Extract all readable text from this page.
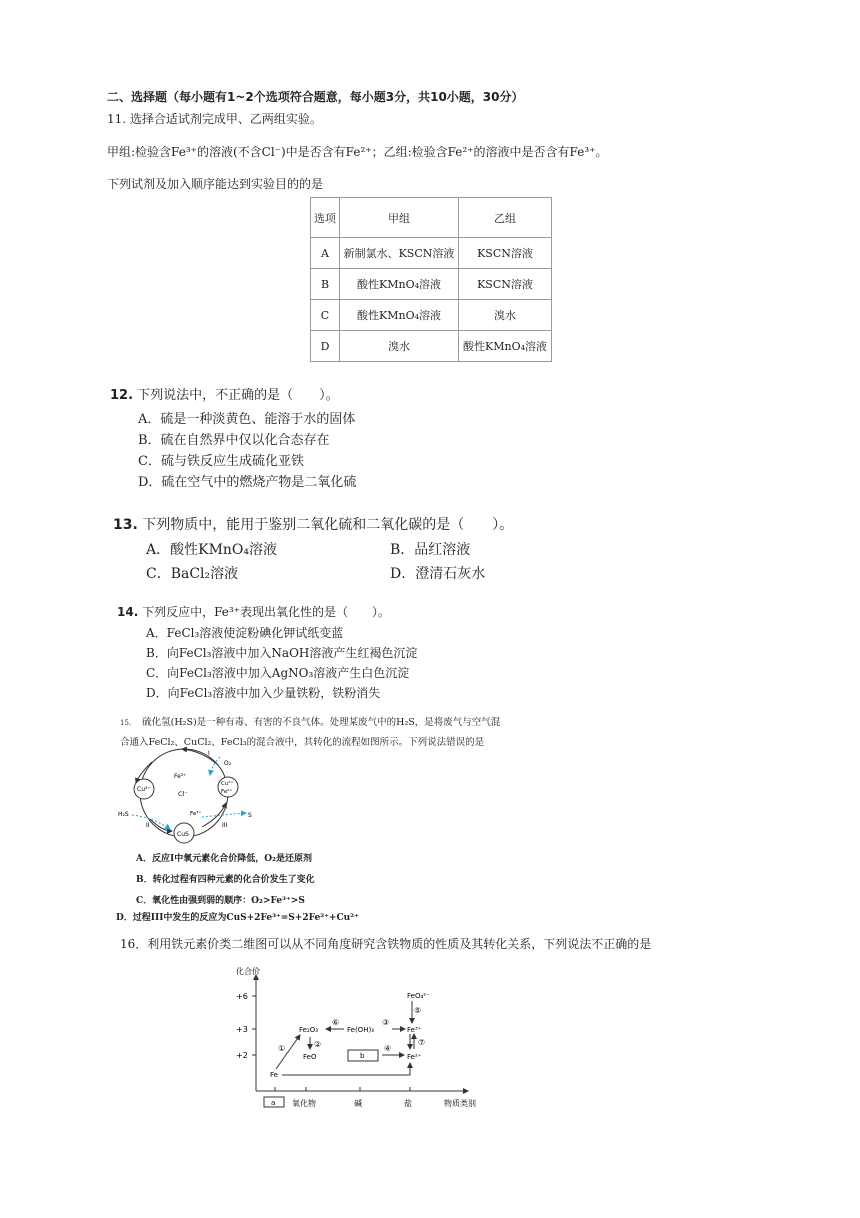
二、选择题（每小题有1~2个选项符合题意，每小题3分，共10小题，30分）
11. 选择合适试剂完成甲、乙两组实验。
甲组:检验含Fe³⁺的溶液(不含Cl⁻)中是否含有Fe²⁺；乙组:检验含Fe²⁺的溶液中是否含有Fe³⁺。
下列试剂及加入顺序能达到实验目的的是
选项	甲组	乙组
A	新制氯水、KSCN溶液	KSCN溶液
B	酸性KMnO₄溶液	KSCN溶液
C	酸性KMnO₄溶液	溴水
D	溴水	酸性KMnO₄溶液
12. 下列说法中，不正确的是（　　）。
A．硫是一种淡黄色、能溶于水的固体
B．硫在自然界中仅以化合态存在
C．硫与铁反应生成硫化亚铁
D．硫在空气中的燃烧产物是二氧化硫
13. 下列物质中，能用于鉴别二氧化硫和二氧化碳的是（　　）。
A．酸性KMnO₄溶液	B．品红溶液
C．BaCl₂溶液	D．澄清石灰水
14. 下列反应中，Fe³⁺表现出氧化性的是（　　）。
A．FeCl₃溶液使淀粉碘化钾试纸变蓝
B．向FeCl₃溶液中加入NaOH溶液产生红褐色沉淀
C．向FeCl₃溶液中加入AgNO₃溶液产生白色沉淀
D．向FeCl₃溶液中加入少量铁粉，铁粉消失
15. 硫化氢(H₂S)是一种有毒、有害的不良气体。处理某废气中的H₂S，是将废气与空气混
合通入FeCl₂、CuCl₂、FeCl₃的混合液中，其转化的流程如图所示。下列说法错误的是
I
O₂
Fe³⁺
Cl⁻
Cu²⁺
Cu²⁺
Fe²⁺
H₂S
II
CuS
Fe³⁺	S
III
A．反应I中氧元素化合价降低，O₂是还原剂
B．转化过程有四种元素的化合价发生了变化
C．氧化性由强到弱的顺序：O₂>Fe³⁺>S
D．过程III中发生的反应为CuS+2Fe³⁺=S+2Fe²⁺+Cu²⁺
16．利用铁元素价类二维图可以从不同角度研究含铁物质的性质及其转化关系，下列说法不正确的是
化合价
+6
+3
+2
a 氧化物	碱	盐	物质类别
FeO₄²⁻
Fe₂O₃	Fe(OH)₃	Fe³⁺
FeO	b	Fe²⁺
Fe
①	②
③
④
⑤
⑥
⑦
